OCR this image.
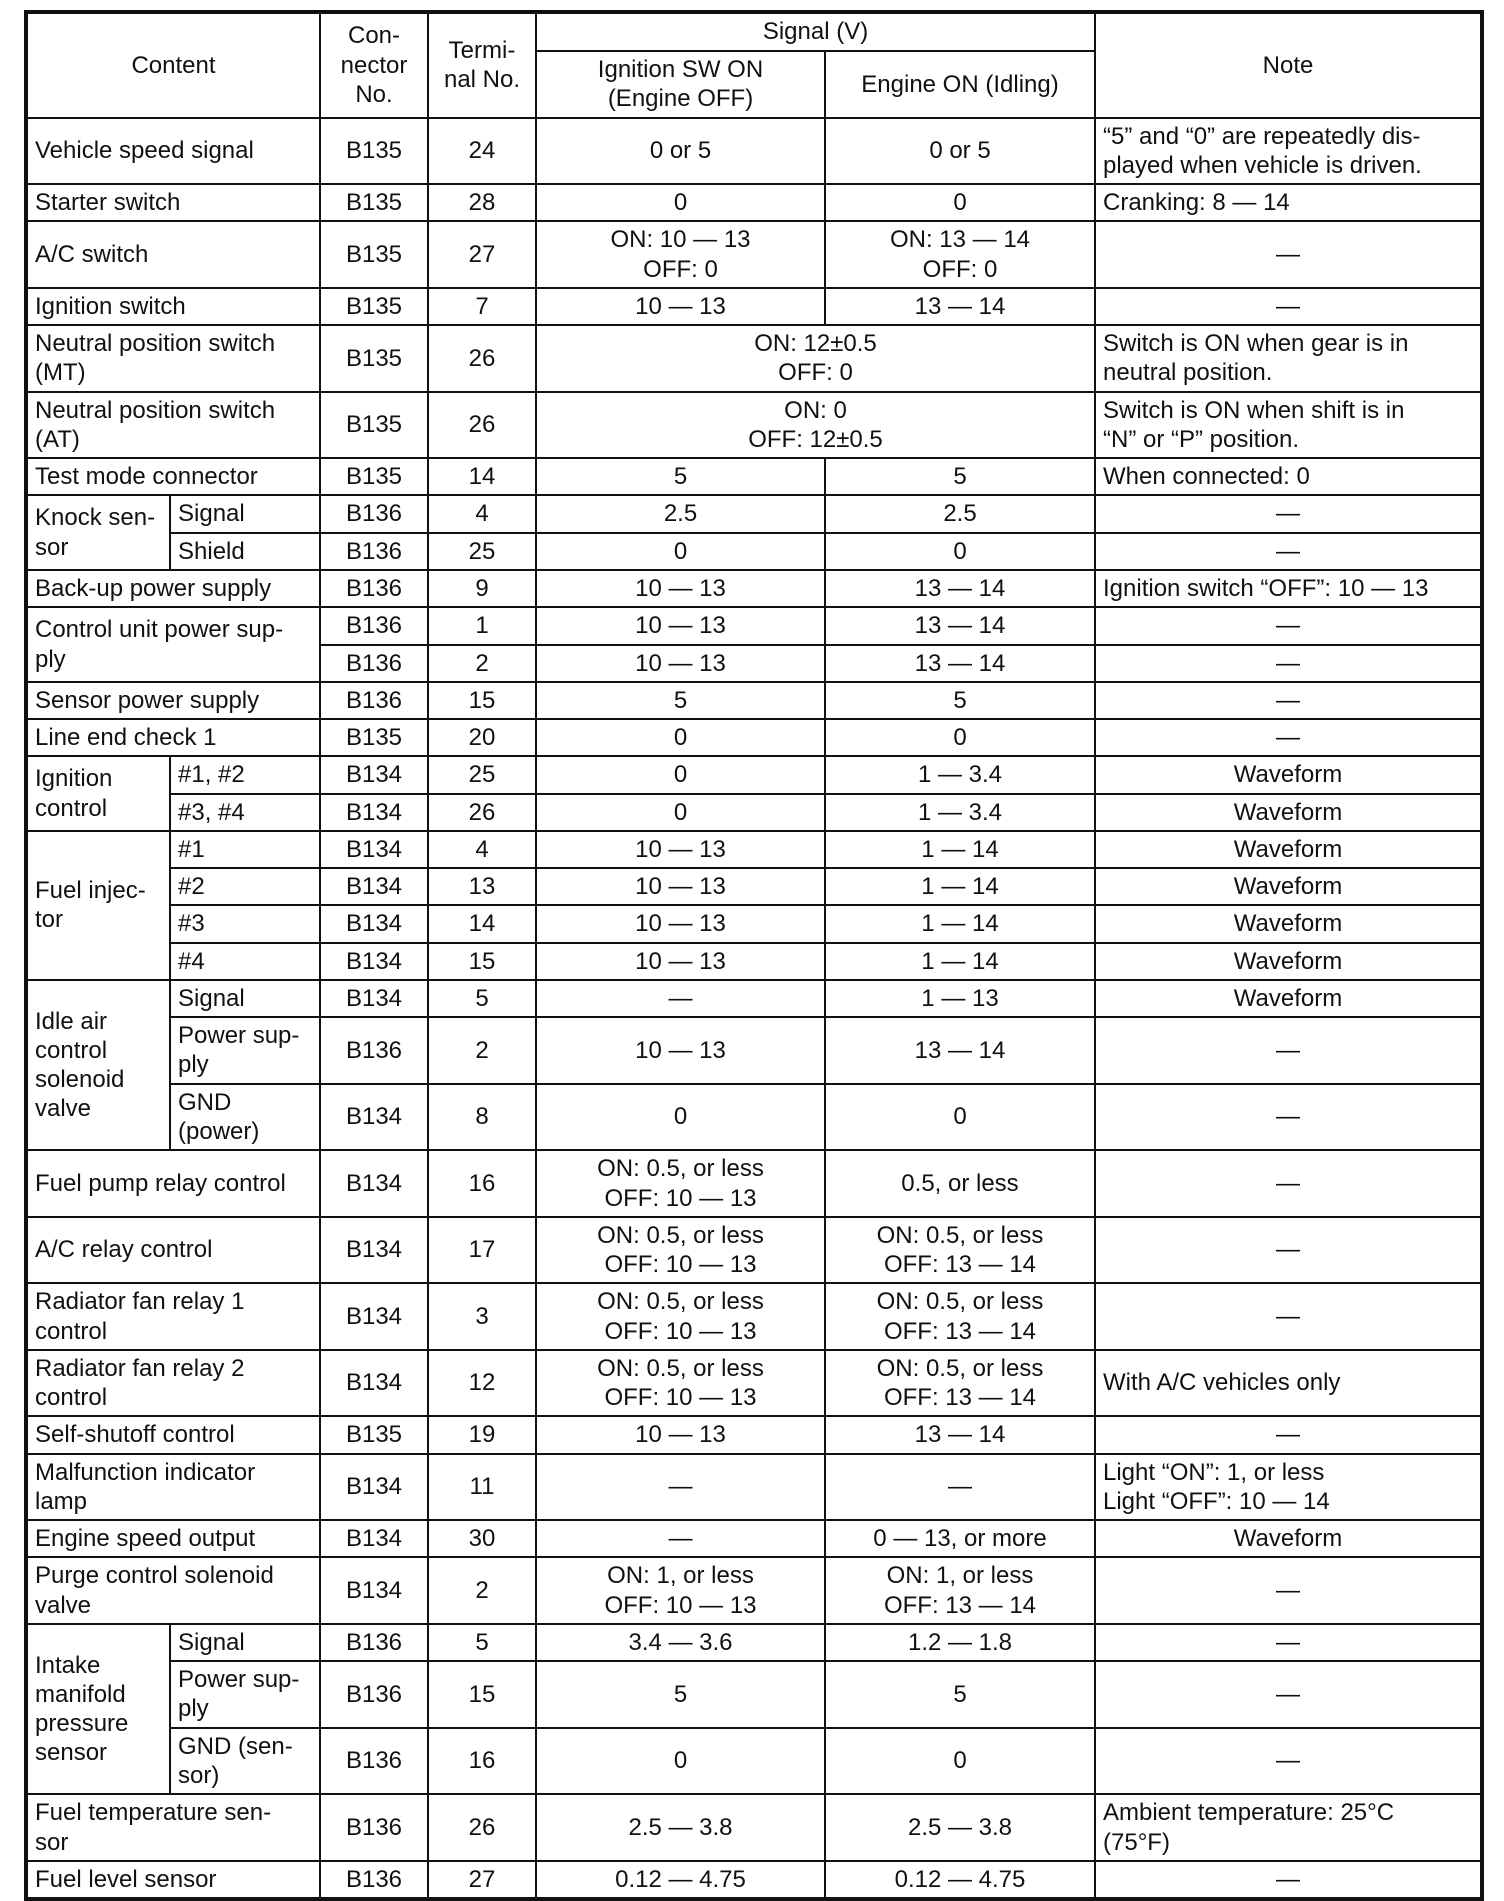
Content		Con-
nector
No.	Termi-
nal No.	Signal (V)		Note
				Ignition SW ON
(Engine OFF)	Engine ON (Idling)	
Vehicle speed signal		B135	24	0 or 5	0 or 5	“5” and “0” are repeatedly dis-
played when vehicle is driven.
Starter switch		B135	28	0	0	Cranking: 8 — 14
A/C switch		B135	27	ON: 10 — 13
OFF: 0	ON: 13 — 14
OFF: 0	—
Ignition switch		B135	7	10 — 13	13 — 14	—
Neutral position switch
(MT)		B135	26	ON: 12±0.5
OFF: 0		Switch is ON when gear is in
neutral position.
Neutral position switch
(AT)		B135	26	ON: 0
OFF: 12±0.5		Switch is ON when shift is in
“N” or “P” position.
Test mode connector		B135	14	5	5	When connected: 0
Knock sen-
sor	Signal	B136	4	2.5	2.5	—
	Shield	B136	25	0	0	—
Back-up power supply		B136	9	10 — 13	13 — 14	Ignition switch “OFF”: 10 — 13
Control unit power sup-
ply		B136	1	10 — 13	13 — 14	—
		B136	2	10 — 13	13 — 14	—
Sensor power supply		B136	15	5	5	—
Line end check 1		B135	20	0	0	—
Ignition
control	#1, #2	B134	25	0	1 — 3.4	Waveform
	#3, #4	B134	26	0	1 — 3.4	Waveform
Fuel injec-
tor	#1	B134	4	10 — 13	1 — 14	Waveform
	#2	B134	13	10 — 13	1 — 14	Waveform
	#3	B134	14	10 — 13	1 — 14	Waveform
	#4	B134	15	10 — 13	1 — 14	Waveform
Idle air
control
solenoid
valve	Signal	B134	5	—	1 — 13	Waveform
	Power sup-
ply	B136	2	10 — 13	13 — 14	—
	GND
(power)	B134	8	0	0	—
Fuel pump relay control		B134	16	ON: 0.5, or less
OFF: 10 — 13	0.5, or less	—
A/C relay control		B134	17	ON: 0.5, or less
OFF: 10 — 13	ON: 0.5, or less
OFF: 13 — 14	—
Radiator fan relay 1
control		B134	3	ON: 0.5, or less
OFF: 10 — 13	ON: 0.5, or less
OFF: 13 — 14	—
Radiator fan relay 2
control		B134	12	ON: 0.5, or less
OFF: 10 — 13	ON: 0.5, or less
OFF: 13 — 14	With A/C vehicles only
Self-shutoff control		B135	19	10 — 13	13 — 14	—
Malfunction indicator
lamp		B134	11	—	—	Light “ON”: 1, or less
Light “OFF”: 10 — 14
Engine speed output		B134	30	—	0 — 13, or more	Waveform
Purge control solenoid
valve		B134	2	ON: 1, or less
OFF: 10 — 13	ON: 1, or less
OFF: 13 — 14	—
Intake
manifold
pressure
sensor	Signal	B136	5	3.4 — 3.6	1.2 — 1.8	—
	Power sup-
ply	B136	15	5	5	—
	GND (sen-
sor)	B136	16	0	0	—
Fuel temperature sen-
sor		B136	26	2.5 — 3.8	2.5 — 3.8	Ambient temperature: 25°C
(75°F)
Fuel level sensor		B136	27	0.12 — 4.75	0.12 — 4.75	—
